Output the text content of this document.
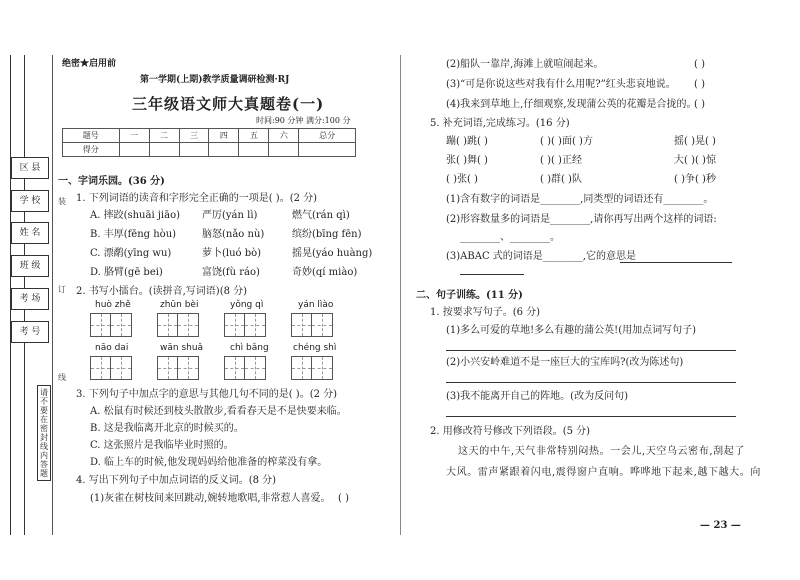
区 县
学 校
姓 名
班 级
考 场
考 号
装
订
线
请不要在密封线内答题
绝密★启用前
第一学期(上期)教学质量调研检测·RJ
三年级语文师大真题卷(一)
时间:90 分钟 满分:100 分
题号	一	二	三	四	五	六	总分
得分							
一、字词乐园。(36 分)
1. 下列词语的读音和字形完全正确的一项是( )。(2 分)
A. 摔跤(shuāi jiāo) 严厉(yán lì)	燃气(rán qì)
B. 丰厚(fēng hòu)	脑怒(nǎo nù)	缤纷(bīng fēn)
C. 漂鹬(yīng wu)	萝卜(luó bò)	摇晃(yáo huàng)
D. 胳臂(gē bei)	富饶(fù ráo)	奇妙(qí miào)
2. 书写小擂台。(读拼音,写词语)(8 分)
huò zhě	zhūn bèi	yǒng qì	yán lìào
nāo dai	wān shuǎ	chì bǎng	chéng shì
3. 下列句子中加点字的意思与其他几句不同的是( )。(2 分)
A. 松鼠有时候还到枝头散散步,看看春天是不是快要来临。
B. 这是我临离开北京的时候买的。
C. 这张照片是我临毕业时照的。
D. 临上车的时候,他发现妈妈给他准备的榨菜没有拿。
4. 写出下列句子中加点词语的反义词。(8 分)
(1)灰雀在树枝间来回跳动,婉转地歌唱,非常惹人喜爱。 ( )
(2)船队一靠岸,海滩上就喧闹起来。	( )
(3)“可是你说这些对我有什么用呢?”红头悲哀地说。 ( )
(4)我来到草地上,仔细观察,发现蒲公英的花瓣是合拢的。
( )
5. 补充词语,完成练习。(16 分)
蹦( )跳( )	( )( )面( )方	摇( )晃( )
张( )舞( )	( )( )正经	大( )( )惊
( )张( )	( )群( )队	( )争( )秒
(1)含有数字的词语是________,同类型的词语还有________。
(2)形容数量多的词语是________,请你再写出两个这样的词语:
________、________。
(3)ABAC 式的词语是________,它的意思是
二、句子训练。(11 分)
1. 按要求写句子。(6 分)
(1)多么可爱的草地!多么有趣的蒲公英!(用加点词写句子)
(2)小兴安岭难道不是一座巨大的宝库吗?(改为陈述句)
(3)我不能离开自己的阵地。(改为反问句)
2. 用修改符号修改下列语段。(5 分)
这天的中午,天气非常特别闷热。一会儿,天空乌云密布,刮起了
大风。雷声紧跟着闪电,震得窗户直响。哗哗地下起来,越下越大。向
— 23 —
